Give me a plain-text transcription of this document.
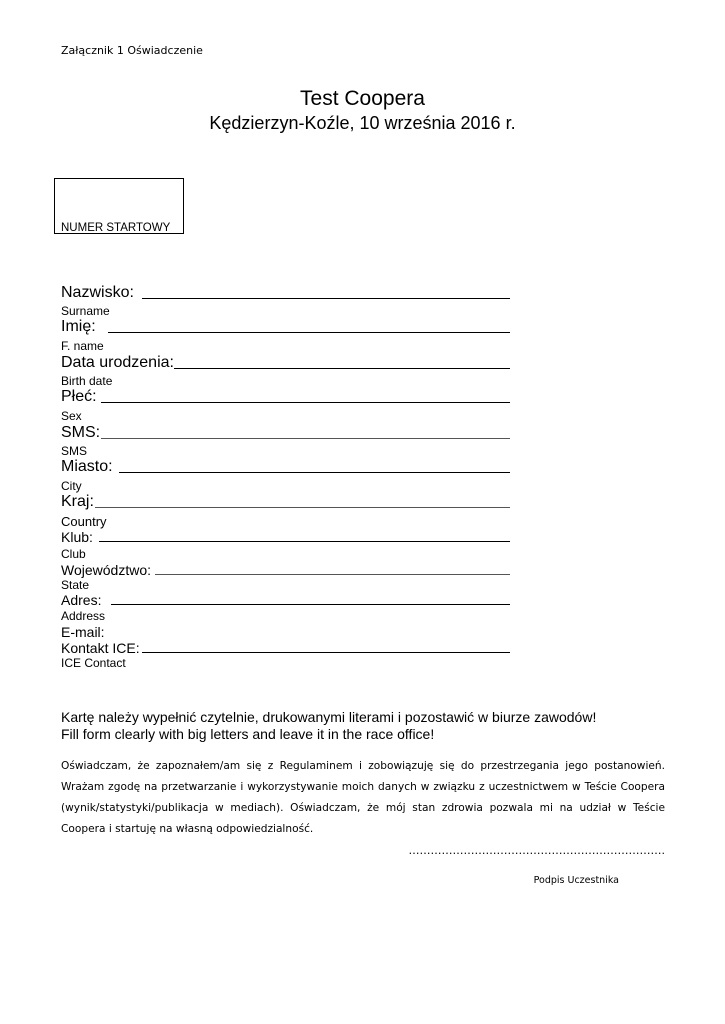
Załącznik 1 Oświadczenie
Test Coopera
Kędzierzyn-Koźle, 10 września 2016 r.
NUMER STARTOWY
Nazwisko:
Surname
Imię:
F. name
Data urodzenia:
Birth date
Płeć:
Sex
SMS:
SMS
Miasto:
City
Kraj:
Country
Klub:
Club
Województwo:
State
Adres:
Address
E-mail:
Kontakt ICE:
ICE Contact
Kartę należy wypełnić czytelnie, drukowanymi literami i pozostawić w biurze zawodów!
Fill form clearly with big letters and leave it in the race office!
Oświadczam, że zapoznałem/am się z Regulaminem i zobowiązuję się do przestrzegania jego postanowień. Wrażam zgodę na przetwarzanie i wykorzystywanie moich danych w związku z uczestnictwem w Teście Coopera (wynik/statystyki/publikacja w mediach). Oświadczam, że mój stan zdrowia pozwala mi na udział w Teście Coopera i startuję na własną odpowiedzialność.
…………………………………………………………….
Podpis Uczestnika
